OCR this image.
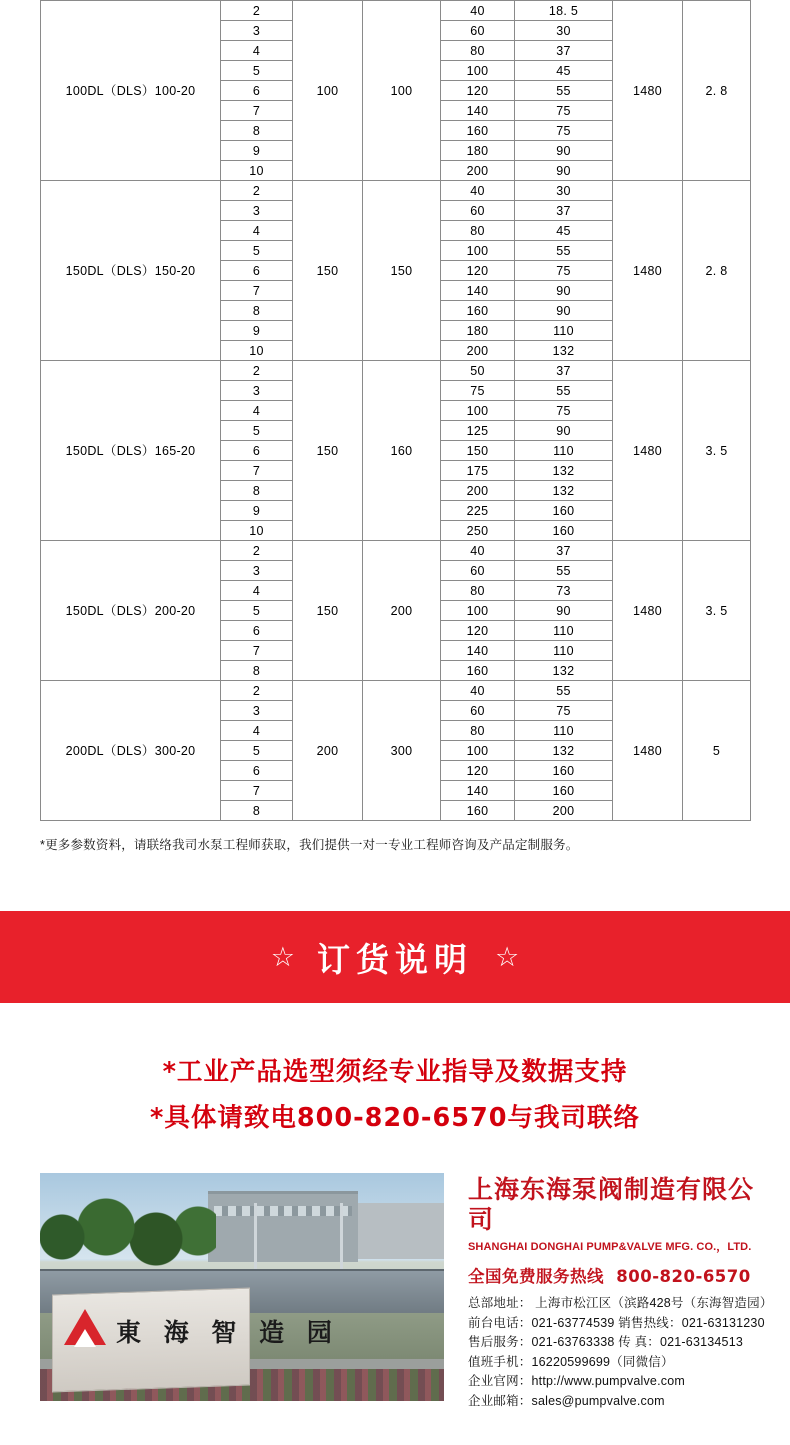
100DL（DLS）100-20	2	100	100	40	18. 5	1480	2. 8
	3			60	30		
	4			80	37		
	5			100	45		
	6			120	55		
	7			140	75		
	8			160	75		
	9			180	90		
	10			200	90		
150DL（DLS）150-20	2	150	150	40	30	1480	2. 8
	3			60	37		
	4			80	45		
	5			100	55		
	6			120	75		
	7			140	90		
	8			160	90		
	9			180	110		
	10			200	132		
150DL（DLS）165-20	2	150	160	50	37	1480	3. 5
	3			75	55		
	4			100	75		
	5			125	90		
	6			150	110		
	7			175	132		
	8			200	132		
	9			225	160		
	10			250	160		
150DL（DLS）200-20	2	150	200	40	37	1480	3. 5
	3			60	55		
	4			80	73		
	5			100	90		
	6			120	110		
	7			140	110		
	8			160	132		
200DL（DLS）300-20	2	200	300	40	55	1480	5
	3			60	75		
	4			80	110		
	5			100	132		
	6			120	160		
	7			140	160		
	8			160	200		
*更多参数资料，请联络我司水泵工程师获取，我们提供一对一专业工程师咨询及产品定制服务。
☆ 订货说明 ☆
*工业产品选型须经专业指导及数据支持
*具体请致电800-820-6570与我司联络
東 海 智 造 园
上海东海泵阀制造有限公司
SHANGHAI DONGHAI PUMP&VALVE MFG. CO.，LTD.
全国免费服务热线 800-820-6570
总部地址： 上海市松江区（滨路428号（东海智造园）
前台电话：021-63774539 销售热线：021-63131230
售后服务：021-63763338 传 真：021-63134513
值班手机：16220599699（同微信）
企业官网：http://www.pumpvalve.com
企业邮箱：sales@pumpvalve.com
